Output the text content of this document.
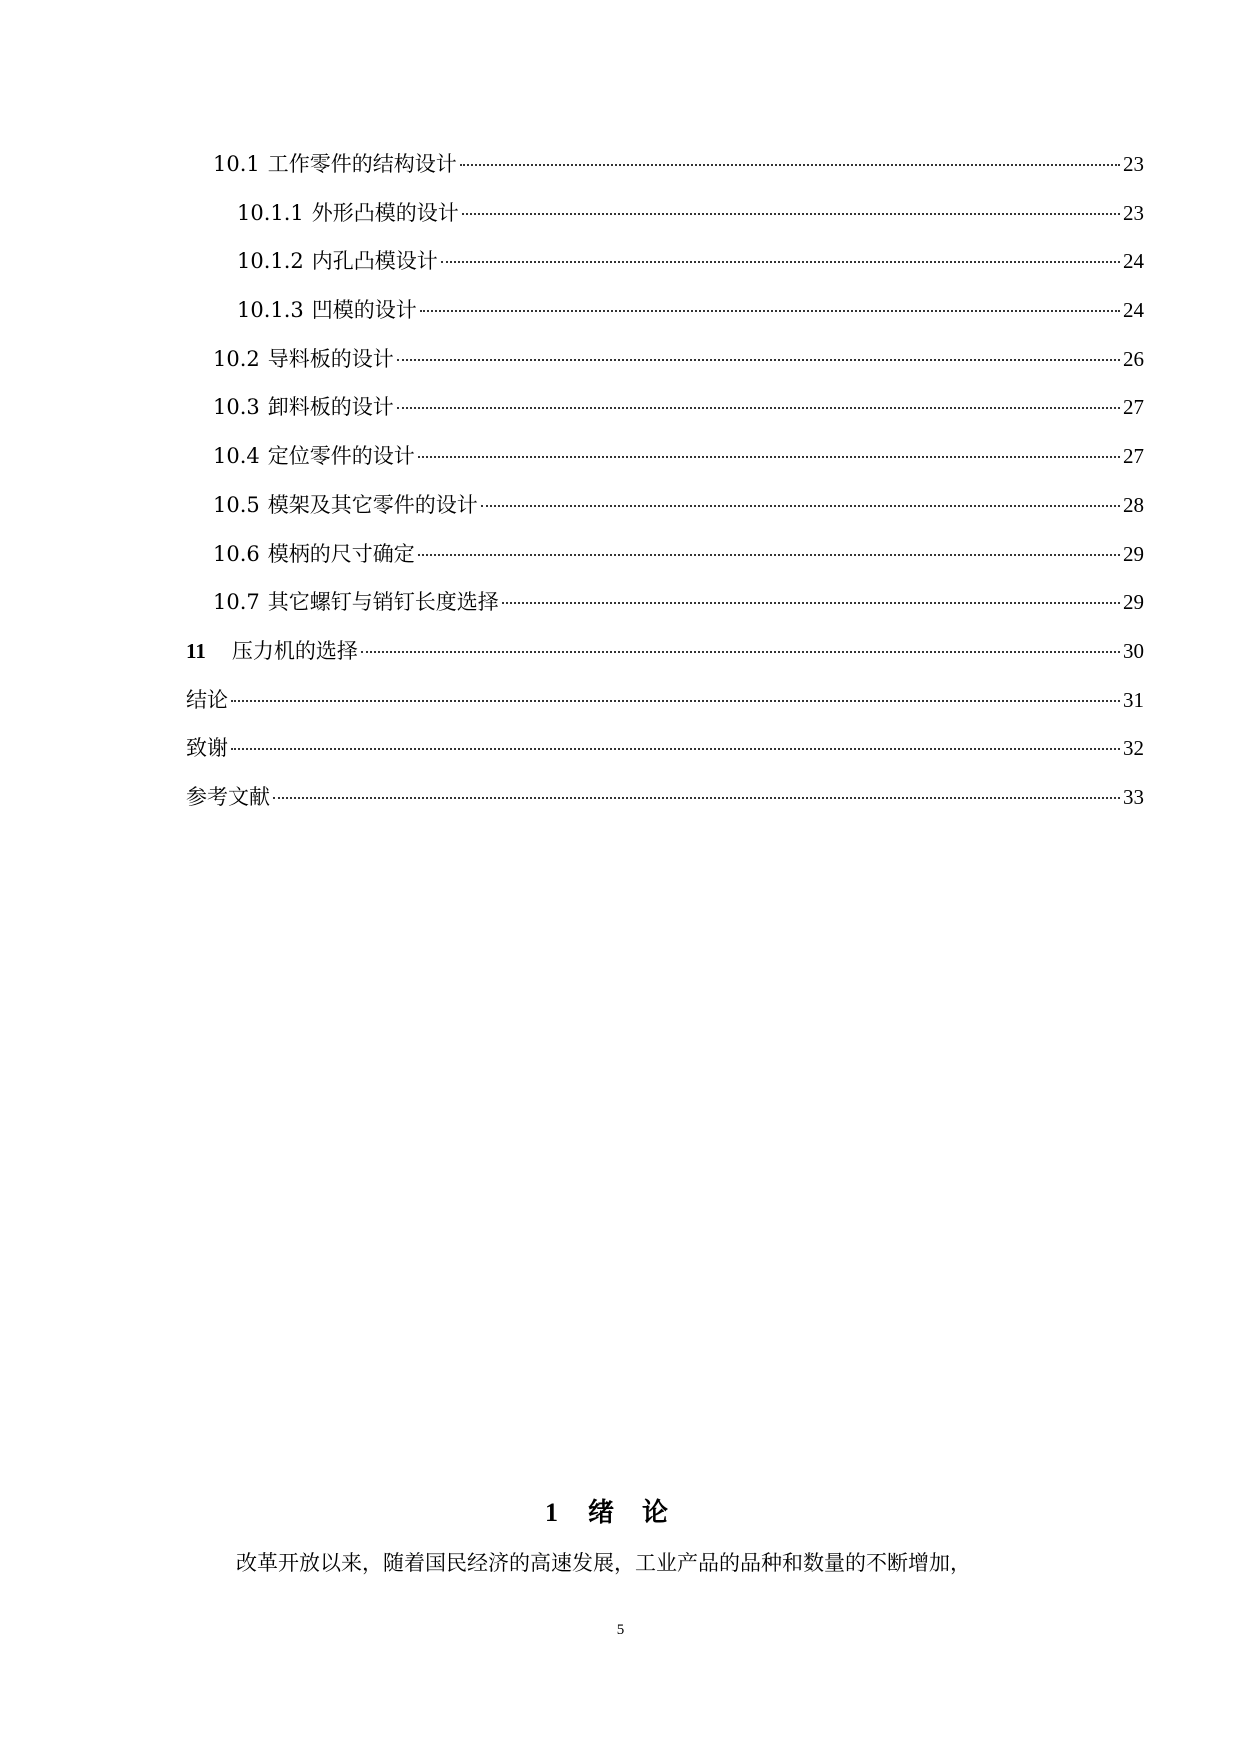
10.1 工作零件的结构设计	23
10.1.1 外形凸模的设计	23
10.1.2 内孔凸模设计	24
10.1.3 凹模的设计	24
10.2 导料板的设计	26
10.3 卸料板的设计	27
10.4 定位零件的设计	27
10.5 模架及其它零件的设计	28
10.6 模柄的尺寸确定	29
10.7 其它螺钉与销钉长度选择	29
11 压力机的选择	30
结论	31
致谢	32
参考文献	33
1 绪论
改革开放以来，随着国民经济的高速发展，工业产品的品种和数量的不断增加，
5
